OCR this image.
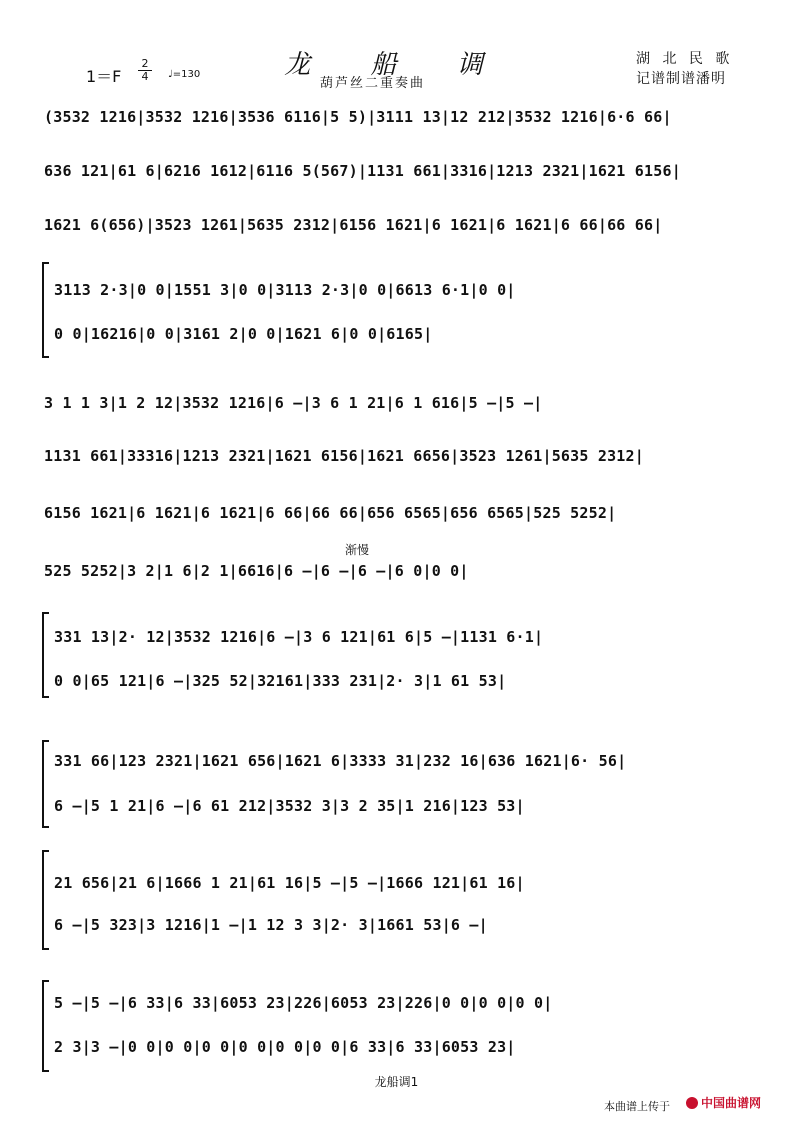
1＝F
2
4	♩=130	龙 船 调
葫芦丝二重奏曲
湖 北 民 歌
记谱制谱潘明
(3532 1216|3532 1216|3536 6116|5 5)|3111 13|12 212|3532 1216|6·6 66|
636 121|61 6|6216 1612|6116 5(567)|1131 661|3316|1213 2321|1621 6156|
1621 6(656)|3523 1261|5635 2312|6156 1621|6 1621|6 1621|6 66|66 66|
3113 2·3|0 0|1551 3|0 0|3113 2·3|0 0|6613 6·1|0 0|
0 0|16216|0 0|3161 2|0 0|1621 6|0 0|6165|
3 1 1 3|1 2 12|3532 1216|6 –|3 6 1 21|6 1 616|5 –|5 –|
1131 661|33316|1213 2321|1621 6156|1621 6656|3523 1261|5635 2312|
6156 1621|6 1621|6 1621|6 66|66 66|656 6565|656 6565|525 5252|
渐慢
525 5252|3 2|1 6|2 1|6616|6 –|6 –|6 –|6 0|0 0|
331 13|2· 12|3532 1216|6 –|3 6 121|61 6|5 –|1131 6·1|
0 0|65 121|6 –|325 52|32161|333 231|2· 3|1 61 53|
331 66|123 2321|1621 656|1621 6|3333 31|232 16|636 1621|6· 56|
6 –|5 1 21|6 –|6 61 212|3532 3|3 2 35|1 216|123 53|
21 656|21 6|1666 1 21|61 16|5 –|5 –|1666 121|61 16|
6 –|5 323|3 1216|1 –|1 12 3 3|2· 3|1661 53|6 –|
5 –|5 –|6 33|6 33|6053 23|226|6053 23|226|0 0|0 0|0 0|
2 3|3 –|0 0|0 0|0 0|0 0|0 0|0 0|6 33|6 33|6053 23|
龙船调1
本曲谱上传于	中国曲谱网
